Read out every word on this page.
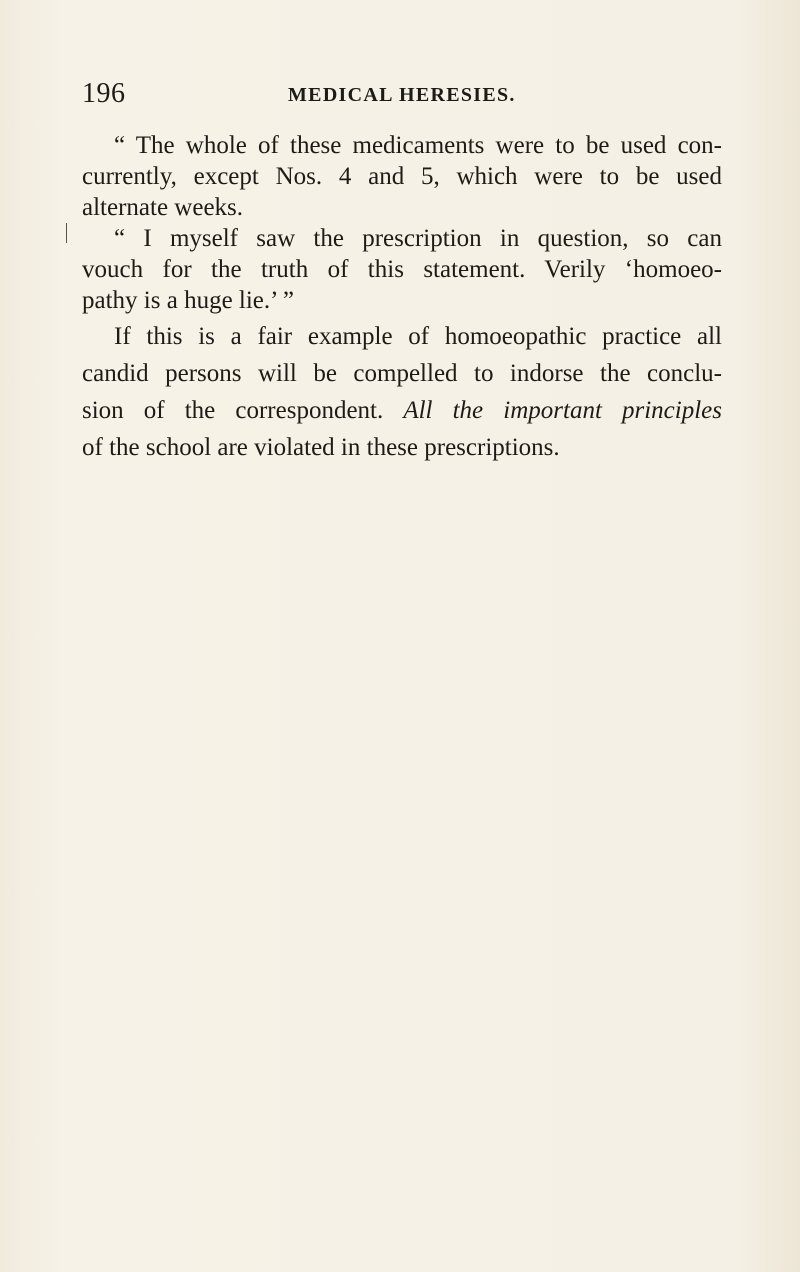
196	MEDICAL HERESIES.

“ The whole of these medicaments were to be used con-
currently, except Nos. 4 and 5, which were to be used
alternate weeks.

“ I myself saw the prescription in question, so can
vouch for the truth of this statement. Verily ‘homoeo-
pathy is a huge lie.’ ”

If this is a fair example of homoeopathic practice all
candid persons will be compelled to indorse the conclu-
sion of the correspondent. All the important principles
of the school are violated in these prescriptions.
